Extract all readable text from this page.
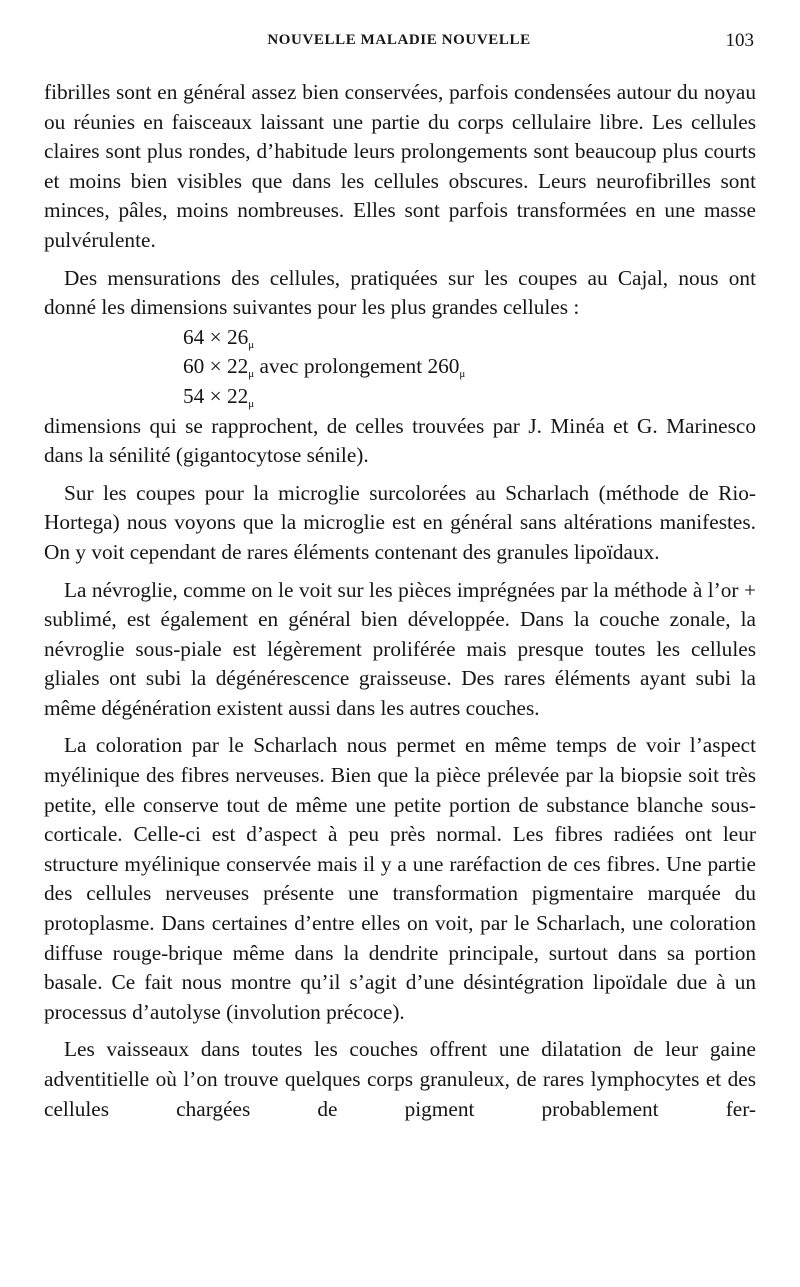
NOUVELLE MALADIE NOUVELLE	103

fibrilles sont en général assez bien conservées, parfois condensées autour du noyau ou réunies en faisceaux laissant une partie du corps cellulaire libre. Les cellules claires sont plus rondes, d’habitude leurs prolongements sont beaucoup plus courts et moins bien visibles que dans les cellules obscures. Leurs neurofibrilles sont minces, pâles, moins nombreuses. Elles sont parfois transformées en une masse pulvérulente.

Des mensurations des cellules, pratiquées sur les coupes au Cajal, nous ont donné les dimensions suivantes pour les plus grandes cellules :

64 × 26μ
60 × 22μ avec prolongement 260μ
54 × 22μ

dimensions qui se rapprochent, de celles trouvées par J. Minéa et G. Marinesco dans la sénilité (gigantocytose sénile).

Sur les coupes pour la microglie surcolorées au Scharlach (méthode de Rio-Hortega) nous voyons que la microglie est en général sans altérations manifestes. On y voit cependant de rares éléments contenant des granules lipoïdaux.

La névroglie, comme on le voit sur les pièces imprégnées par la méthode à l’or + sublimé, est également en général bien développée. Dans la couche zonale, la névroglie sous-piale est légèrement proliférée mais presque toutes les cellules gliales ont subi la dégénérescence graisseuse. Des rares éléments ayant subi la même dégénération existent aussi dans les autres couches.

La coloration par le Scharlach nous permet en même temps de voir l’aspect myélinique des fibres nerveuses. Bien que la pièce prélevée par la biopsie soit très petite, elle conserve tout de même une petite portion de substance blanche sous-corticale. Celle-ci est d’aspect à peu près normal. Les fibres radiées ont leur structure myélinique conservée mais il y a une raréfaction de ces fibres. Une partie des cellules nerveuses présente une transformation pigmentaire marquée du protoplasme. Dans certaines d’entre elles on voit, par le Scharlach, une coloration diffuse rouge-brique même dans la dendrite principale, surtout dans sa portion basale. Ce fait nous montre qu’il s’agit d’une désintégration lipoïdale due à un processus d’autolyse (involution précoce).

Les vaisseaux dans toutes les couches offrent une dilatation de leur gaine adventitielle où l’on trouve quelques corps granuleux, de rares lymphocytes et des cellules chargées de pigment probablement fer-
